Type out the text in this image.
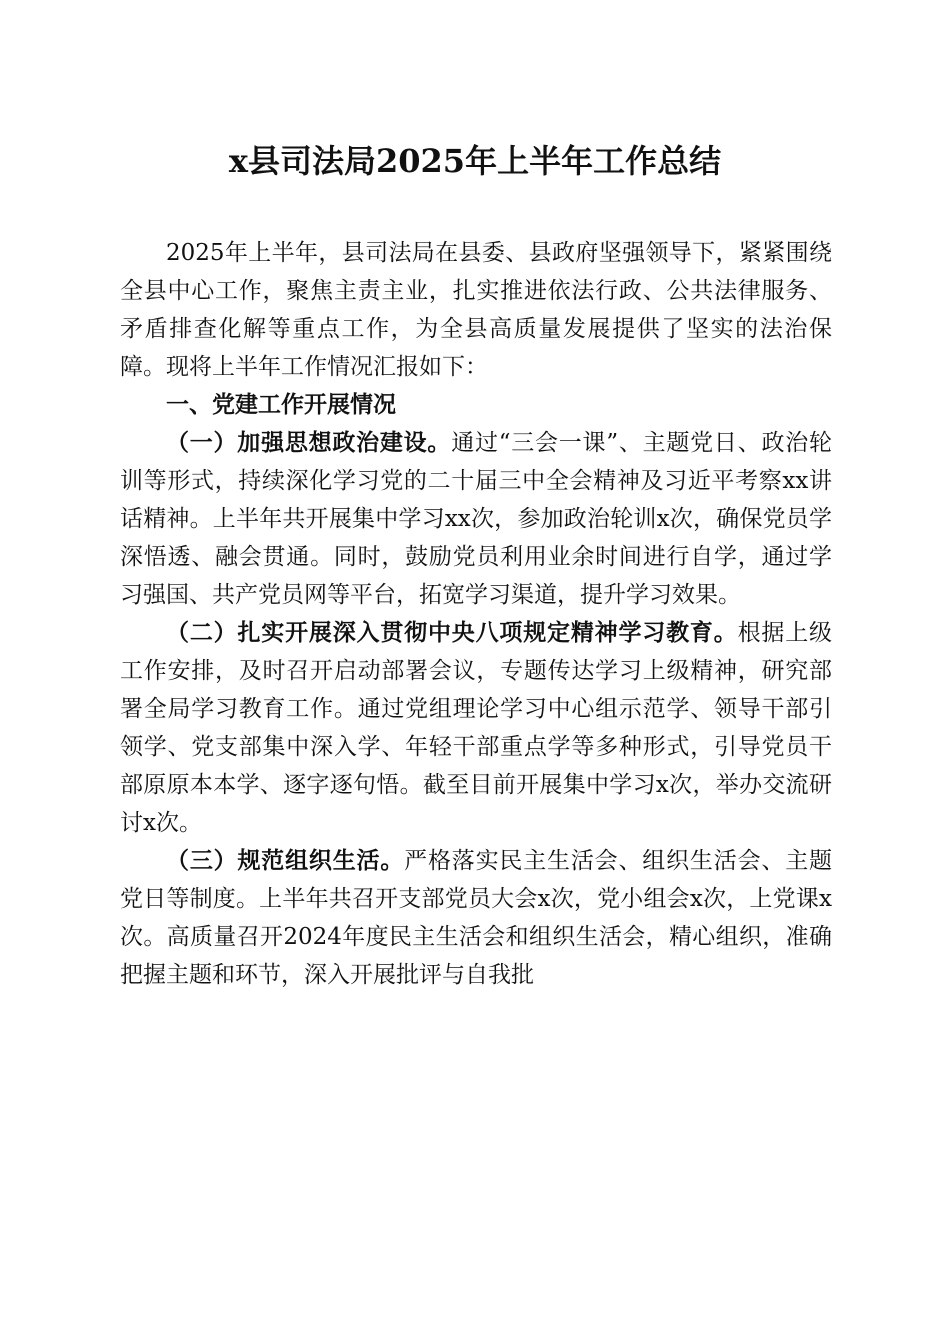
x县司法局2025年上半年工作总结

2025年上半年，县司法局在县委、县政府坚强领导下，紧紧围绕全县中心工作，聚焦主责主业，扎实推进依法行政、公共法律服务、矛盾排查化解等重点工作，为全县高质量发展提供了坚实的法治保障。现将上半年工作情况汇报如下：

一、党建工作开展情况

（一）加强思想政治建设。通过“三会一课”、主题党日、政治轮训等形式，持续深化学习党的二十届三中全会精神及习近平考察xx讲话精神。上半年共开展集中学习xx次，参加政治轮训x次，确保党员学深悟透、融会贯通。同时，鼓励党员利用业余时间进行自学，通过学习强国、共产党员网等平台，拓宽学习渠道，提升学习效果。

（二）扎实开展深入贯彻中央八项规定精神学习教育。根据上级工作安排，及时召开启动部署会议，专题传达学习上级精神，研究部署全局学习教育工作。通过党组理论学习中心组示范学、领导干部引领学、党支部集中深入学、年轻干部重点学等多种形式，引导党员干部原原本本学、逐字逐句悟。截至目前开展集中学习x次，举办交流研讨x次。

（三）规范组织生活。严格落实民主生活会、组织生活会、主题党日等制度。上半年共召开支部党员大会x次，党小组会x次，上党课x次。高质量召开2024年度民主生活会和组织生活会，精心组织，准确把握主题和环节，深入开展批评与自我批
